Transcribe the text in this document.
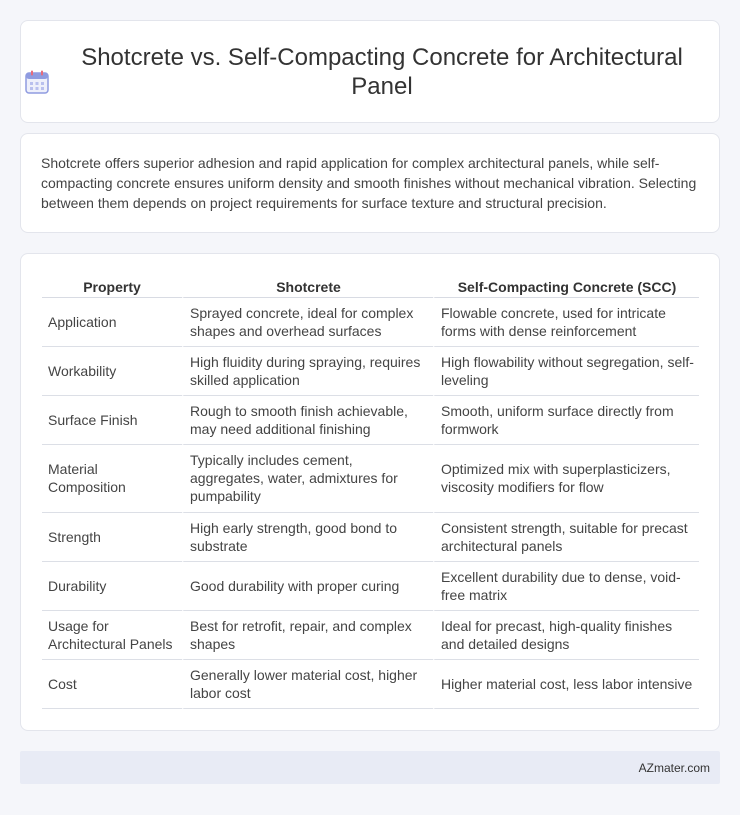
Shotcrete vs. Self-Compacting Concrete for Architectural Panel

Shotcrete offers superior adhesion and rapid application for complex architectural panels, while self-compacting concrete ensures uniform density and smooth finishes without mechanical vibration. Selecting between them depends on project requirements for surface texture and structural precision.

Property	Shotcrete	Self-Compacting Concrete (SCC)
Application	Sprayed concrete, ideal for complex shapes and overhead surfaces	Flowable concrete, used for intricate forms with dense reinforcement
Workability	High fluidity during spraying, requires skilled application	High flowability without segregation, self-leveling
Surface Finish	Rough to smooth finish achievable, may need additional finishing	Smooth, uniform surface directly from formwork
Material Composition	Typically includes cement, aggregates, water, admixtures for pumpability	Optimized mix with superplasticizers, viscosity modifiers for flow
Strength	High early strength, good bond to substrate	Consistent strength, suitable for precast architectural panels
Durability	Good durability with proper curing	Excellent durability due to dense, void-free matrix
Usage for Architectural Panels	Best for retrofit, repair, and complex shapes	Ideal for precast, high-quality finishes and detailed designs
Cost	Generally lower material cost, higher labor cost	Higher material cost, less labor intensive
AZmater.com
